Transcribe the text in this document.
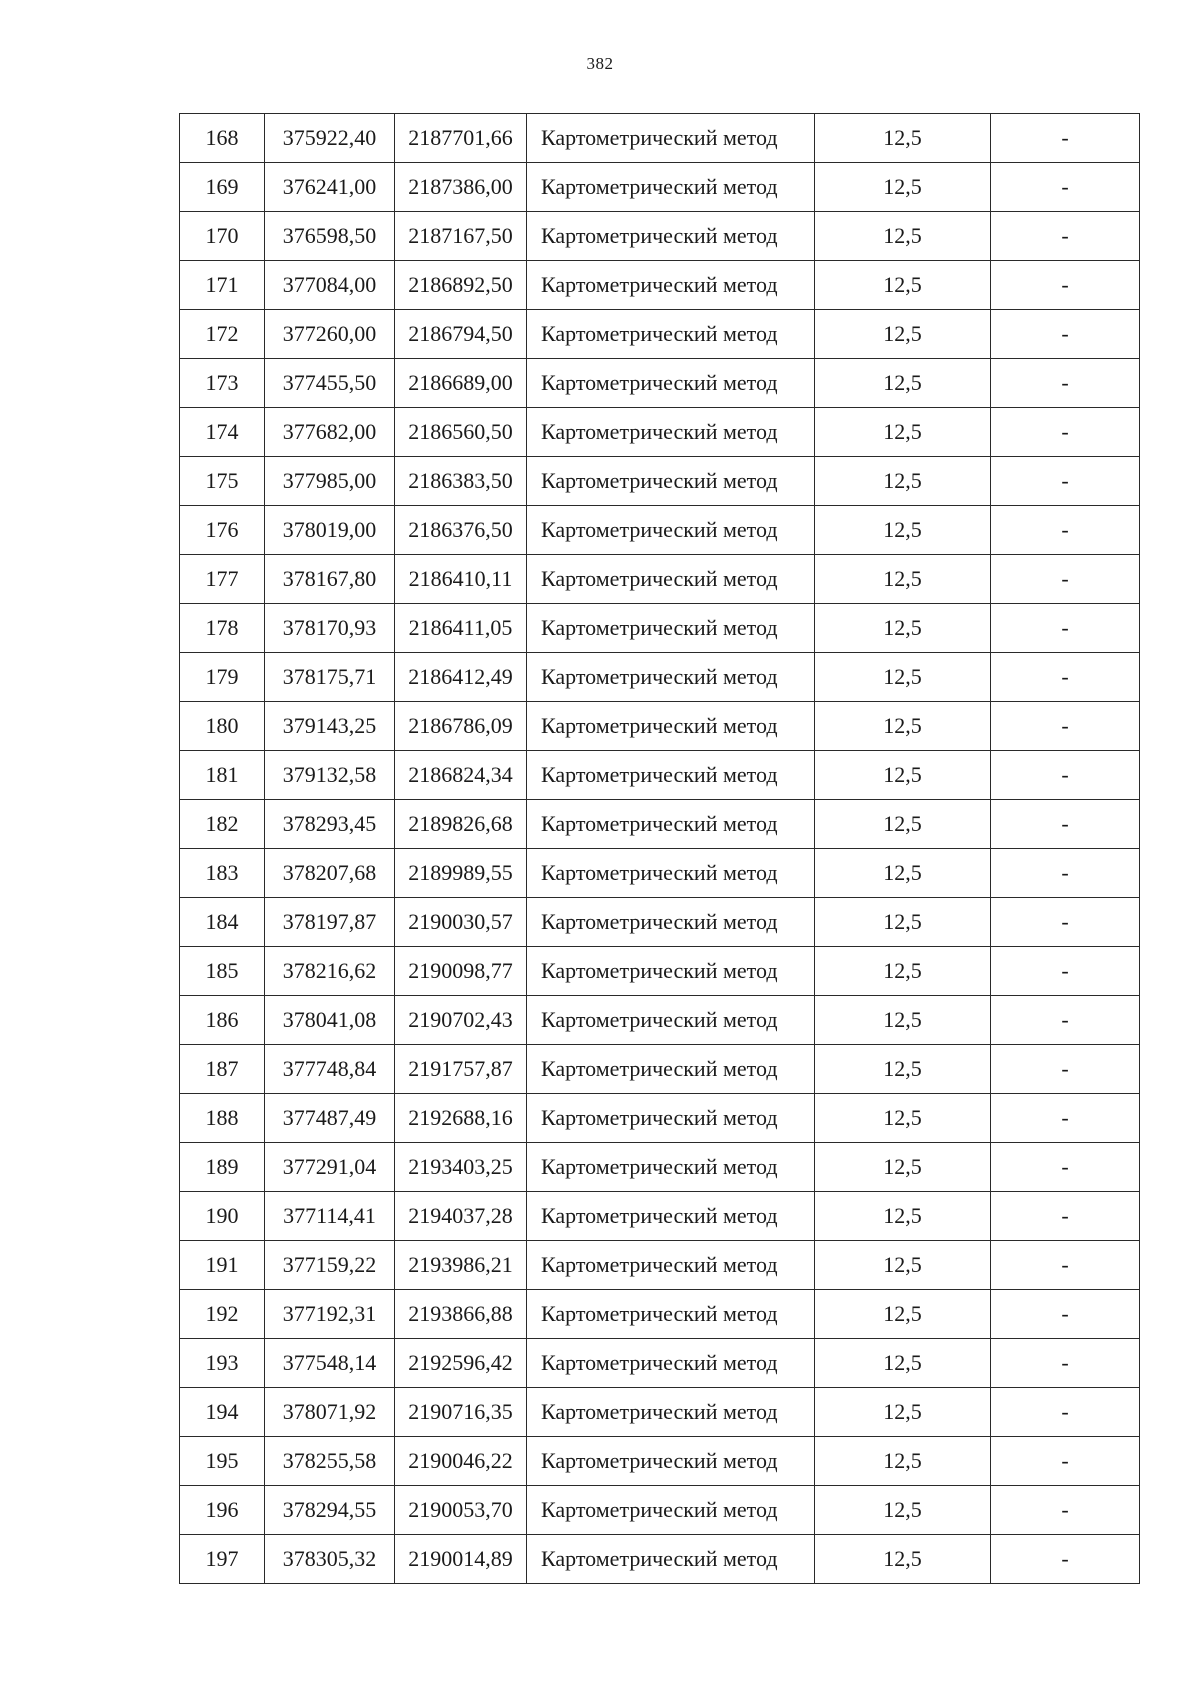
382
168	375922,40	2187701,66	Картометрический метод	12,5	-
169	376241,00	2187386,00	Картометрический метод	12,5	-
170	376598,50	2187167,50	Картометрический метод	12,5	-
171	377084,00	2186892,50	Картометрический метод	12,5	-
172	377260,00	2186794,50	Картометрический метод	12,5	-
173	377455,50	2186689,00	Картометрический метод	12,5	-
174	377682,00	2186560,50	Картометрический метод	12,5	-
175	377985,00	2186383,50	Картометрический метод	12,5	-
176	378019,00	2186376,50	Картометрический метод	12,5	-
177	378167,80	2186410,11	Картометрический метод	12,5	-
178	378170,93	2186411,05	Картометрический метод	12,5	-
179	378175,71	2186412,49	Картометрический метод	12,5	-
180	379143,25	2186786,09	Картометрический метод	12,5	-
181	379132,58	2186824,34	Картометрический метод	12,5	-
182	378293,45	2189826,68	Картометрический метод	12,5	-
183	378207,68	2189989,55	Картометрический метод	12,5	-
184	378197,87	2190030,57	Картометрический метод	12,5	-
185	378216,62	2190098,77	Картометрический метод	12,5	-
186	378041,08	2190702,43	Картометрический метод	12,5	-
187	377748,84	2191757,87	Картометрический метод	12,5	-
188	377487,49	2192688,16	Картометрический метод	12,5	-
189	377291,04	2193403,25	Картометрический метод	12,5	-
190	377114,41	2194037,28	Картометрический метод	12,5	-
191	377159,22	2193986,21	Картометрический метод	12,5	-
192	377192,31	2193866,88	Картометрический метод	12,5	-
193	377548,14	2192596,42	Картометрический метод	12,5	-
194	378071,92	2190716,35	Картометрический метод	12,5	-
195	378255,58	2190046,22	Картометрический метод	12,5	-
196	378294,55	2190053,70	Картометрический метод	12,5	-
197	378305,32	2190014,89	Картометрический метод	12,5	-
